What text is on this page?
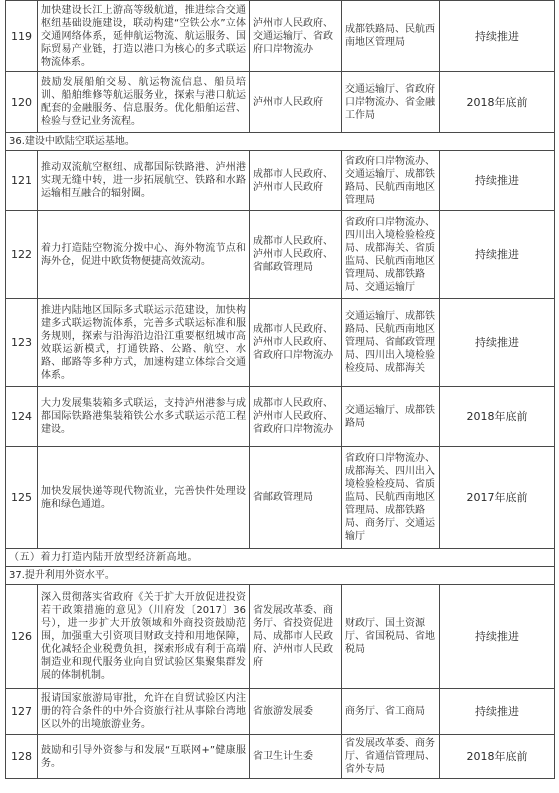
119	加快建设长江上游高等级航道，推进综合交通枢纽基础设施建设，联动构建“空铁公水”立体交通网络体系，延伸航运物流、航运服务、国际贸易产业链，打造以港口为核心的多式联运物流体系。	泸州市人民政府、交通运输厅、省政府口岸物流办	成都铁路局、民航西南地区管理局	持续推进
120	鼓励发展船舶交易、航运物流信息、船员培训、船舶维修等航运服务业，探索与港口航运配套的金融服务、信息服务。优化船舶运营、检验与登记业务流程。	泸州市人民政府	交通运输厅、省政府口岸物流办、省金融工作局	2018年底前
36.建设中欧陆空联运基地。				
121	推动双流航空枢纽、成都国际铁路港、泸州港实现无缝中转，进一步拓展航空、铁路和水路运输相互融合的辐射圈。	成都市人民政府、泸州市人民政府	省政府口岸物流办、交通运输厅、成都铁路局、民航西南地区管理局	持续推进
122	着力打造陆空物流分拨中心、海外物流节点和海外仓，促进中欧货物便捷高效流动。	成都市人民政府、泸州市人民政府、省邮政管理局	省政府口岸物流办、四川出入境检验检疫局、成都海关、省质监局、民航西南地区管理局、成都铁路局、交通运输厅	持续推进
123	推进内陆地区国际多式联运示范建设，加快构建多式联运物流体系，完善多式联运标准和服务规则，探索与沿海沿边沿江重要枢纽城市高效联运新模式，打通铁路、公路、航空、水路、邮路等多种方式，加速构建立体综合交通体系。	成都市人民政府、泸州市人民政府、省政府口岸物流办	交通运输厅、成都铁路局、民航西南地区管理局、省邮政管理局、四川出入境检验检疫局、成都海关	持续推进
124	大力发展集装箱多式联运，支持泸州港参与成都国际铁路港集装箱铁公水多式联运示范工程建设。	成都市人民政府、泸州市人民政府、省政府口岸物流办	交通运输厅、成都铁路局	2018年底前
125	加快发展快递等现代物流业，完善快件处理设施和绿色通道。	省邮政管理局	省政府口岸物流办、成都海关、四川出入境检验检疫局、省质监局、民航西南地区管理局、成都铁路局、商务厅、交通运输厅	2017年底前
（五）着力打造内陆开放型经济新高地。				
37.提升利用外资水平。				
126	深入贯彻落实省政府《关于扩大开放促进投资若干政策措施的意见》（川府发〔2017〕36号），进一步扩大开放领域和外商投资鼓励范围，加强重大引资项目财政支持和用地保障，优化减轻企业税费负担，探索形成有利于高端制造业和现代服务业向自贸试验区集聚集群发展的体制机制。	省发展改革委、商务厅、省投资促进局、成都市人民政府、泸州市人民政府	财政厅、国土资源厅、省国税局、省地税局	持续推进
127	报请国家旅游局审批，允许在自贸试验区内注册的符合条件的中外合资旅行社从事除台湾地区以外的出境旅游业务。	省旅游发展委	商务厅、省工商局	持续推进
128	鼓励和引导外资参与和发展“互联网+”健康服务。	省卫生计生委	省发展改革委、商务厅、省通信管理局、省外专局	2018年底前
